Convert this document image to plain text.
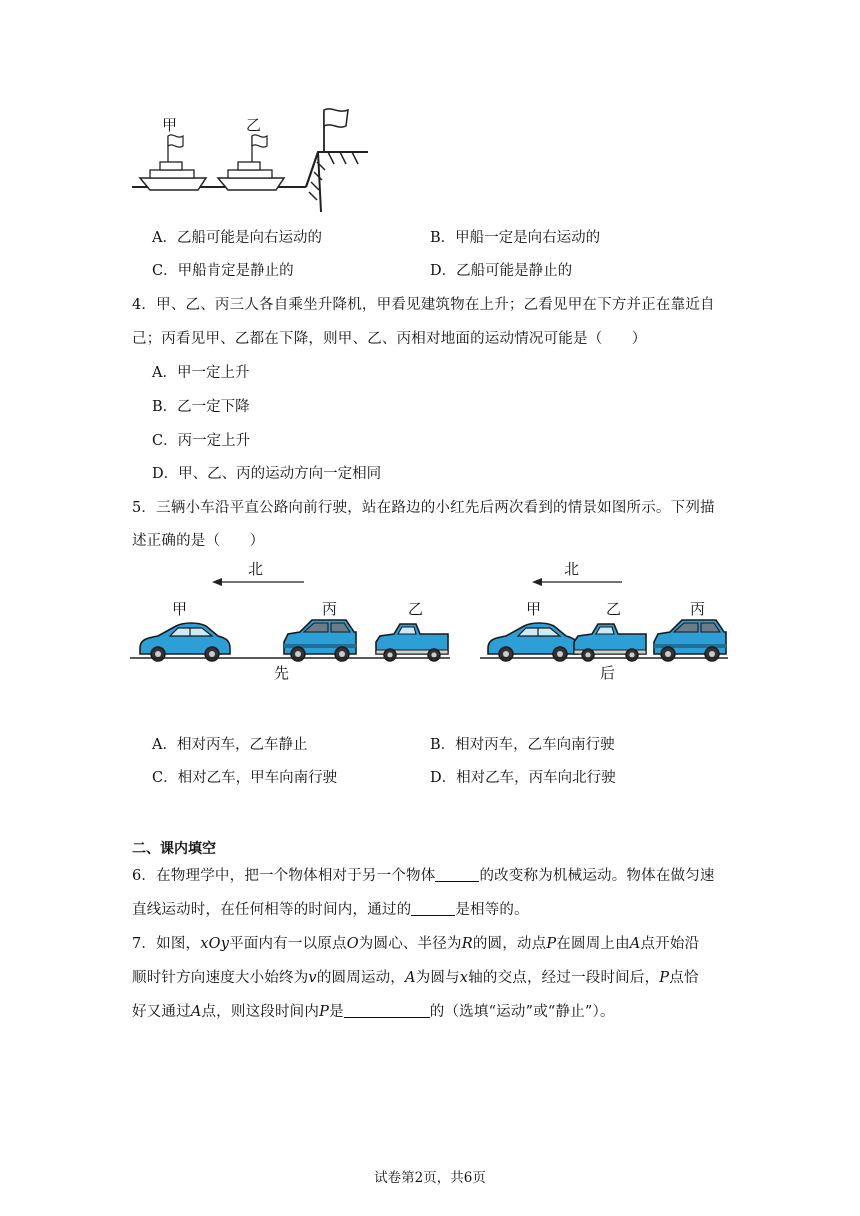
甲	乙
A．乙船可能是向右运动的	B．甲船一定是向右运动的
C．甲船肯定是静止的	D．乙船可能是静止的
4．甲、乙、丙三人各自乘坐升降机，甲看见建筑物在上升；乙看见甲在下方并正在靠近自
己；丙看见甲、乙都在下降，则甲、乙、丙相对地面的运动情况可能是（　　）
A．甲一定上升
B．乙一定下降
C．丙一定上升
D．甲、乙、丙的运动方向一定相同
5．三辆小车沿平直公路向前行驶，站在路边的小红先后两次看到的情景如图所示。下列描
述正确的是（　　）
北
甲	丙	乙
先
北
甲	乙	丙
后
A．相对丙车，乙车静止	B．相对丙车，乙车向南行驶
C．相对乙车，甲车向南行驶	D．相对乙车，丙车向北行驶
二、课内填空
6．在物理学中，把一个物体相对于另一个物体	的改变称为机械运动。物体在做匀速
直线运动时，在任何相等的时间内，通过的	是相等的。
7．如图，xOy平面内有一以原点O为圆心、半径为R的圆，动点P在圆周上由A点开始沿
顺时针方向速度大小始终为v的圆周运动，A为圆与x轴的交点，经过一段时间后，P点恰
好又通过A点，则这段时间内P是	的（选填“运动”或“静止”）。
试卷第2页，共6页
